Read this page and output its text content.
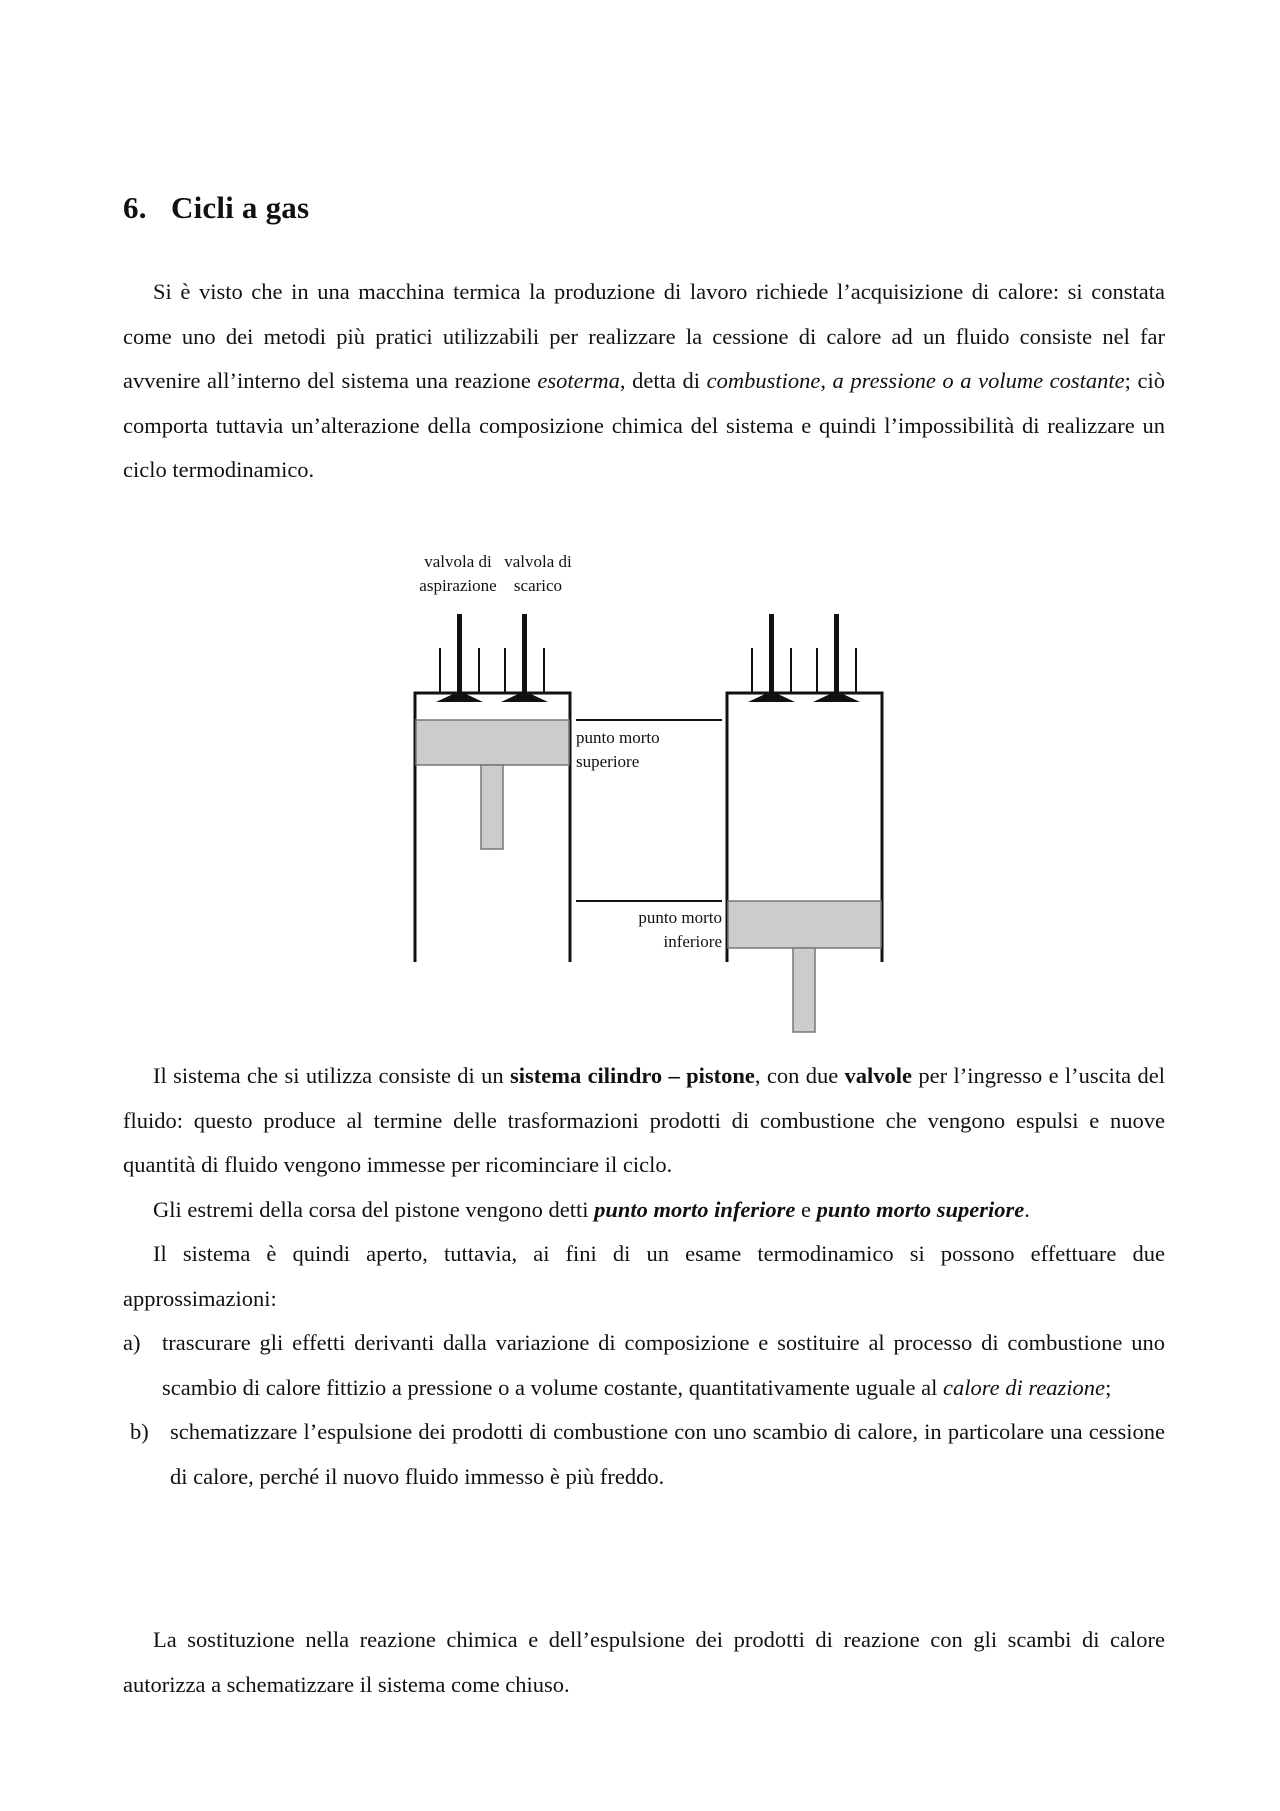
6. Cicli a gas

Si è visto che in una macchina termica la produzione di lavoro richiede l’acquisizione di calore: si constata come uno dei metodi più pratici utilizzabili per realizzare la cessione di calore ad un fluido consiste nel far avvenire all’interno del sistema una reazione esoterma, detta di combustione, a pressione o a volume costante; ciò comporta tuttavia un’alterazione della composizione chimica del sistema e quindi l’impossibilità di realizzare un ciclo termodinamico.

Il sistema che si utilizza consiste di un sistema cilindro – pistone, con due valvole per l’ingresso e l’uscita del fluido: questo produce al termine delle trasformazioni prodotti di combustione che vengono espulsi e nuove quantità di fluido vengono immesse per ricominciare il ciclo.

Gli estremi della corsa del pistone vengono detti punto morto inferiore e punto morto superiore.

Il sistema è quindi aperto, tuttavia, ai fini di un esame termodinamico si possono effettuare due approssimazioni:

a) trascurare gli effetti derivanti dalla variazione di composizione e sostituire al processo di combustione uno scambio di calore fittizio a pressione o a volume costante, quantitativamente uguale al calore di reazione;
b) schematizzare l’espulsione dei prodotti di combustione con uno scambio di calore, in particolare una cessione di calore, perché il nuovo fluido immesso è più freddo.

La sostituzione nella reazione chimica e dell’espulsione dei prodotti di reazione con gli scambi di calore autorizza a schematizzare il sistema come chiuso.

valvola di
aspirazione
valvola di
scarico
punto morto
superiore
punto morto
inferiore
